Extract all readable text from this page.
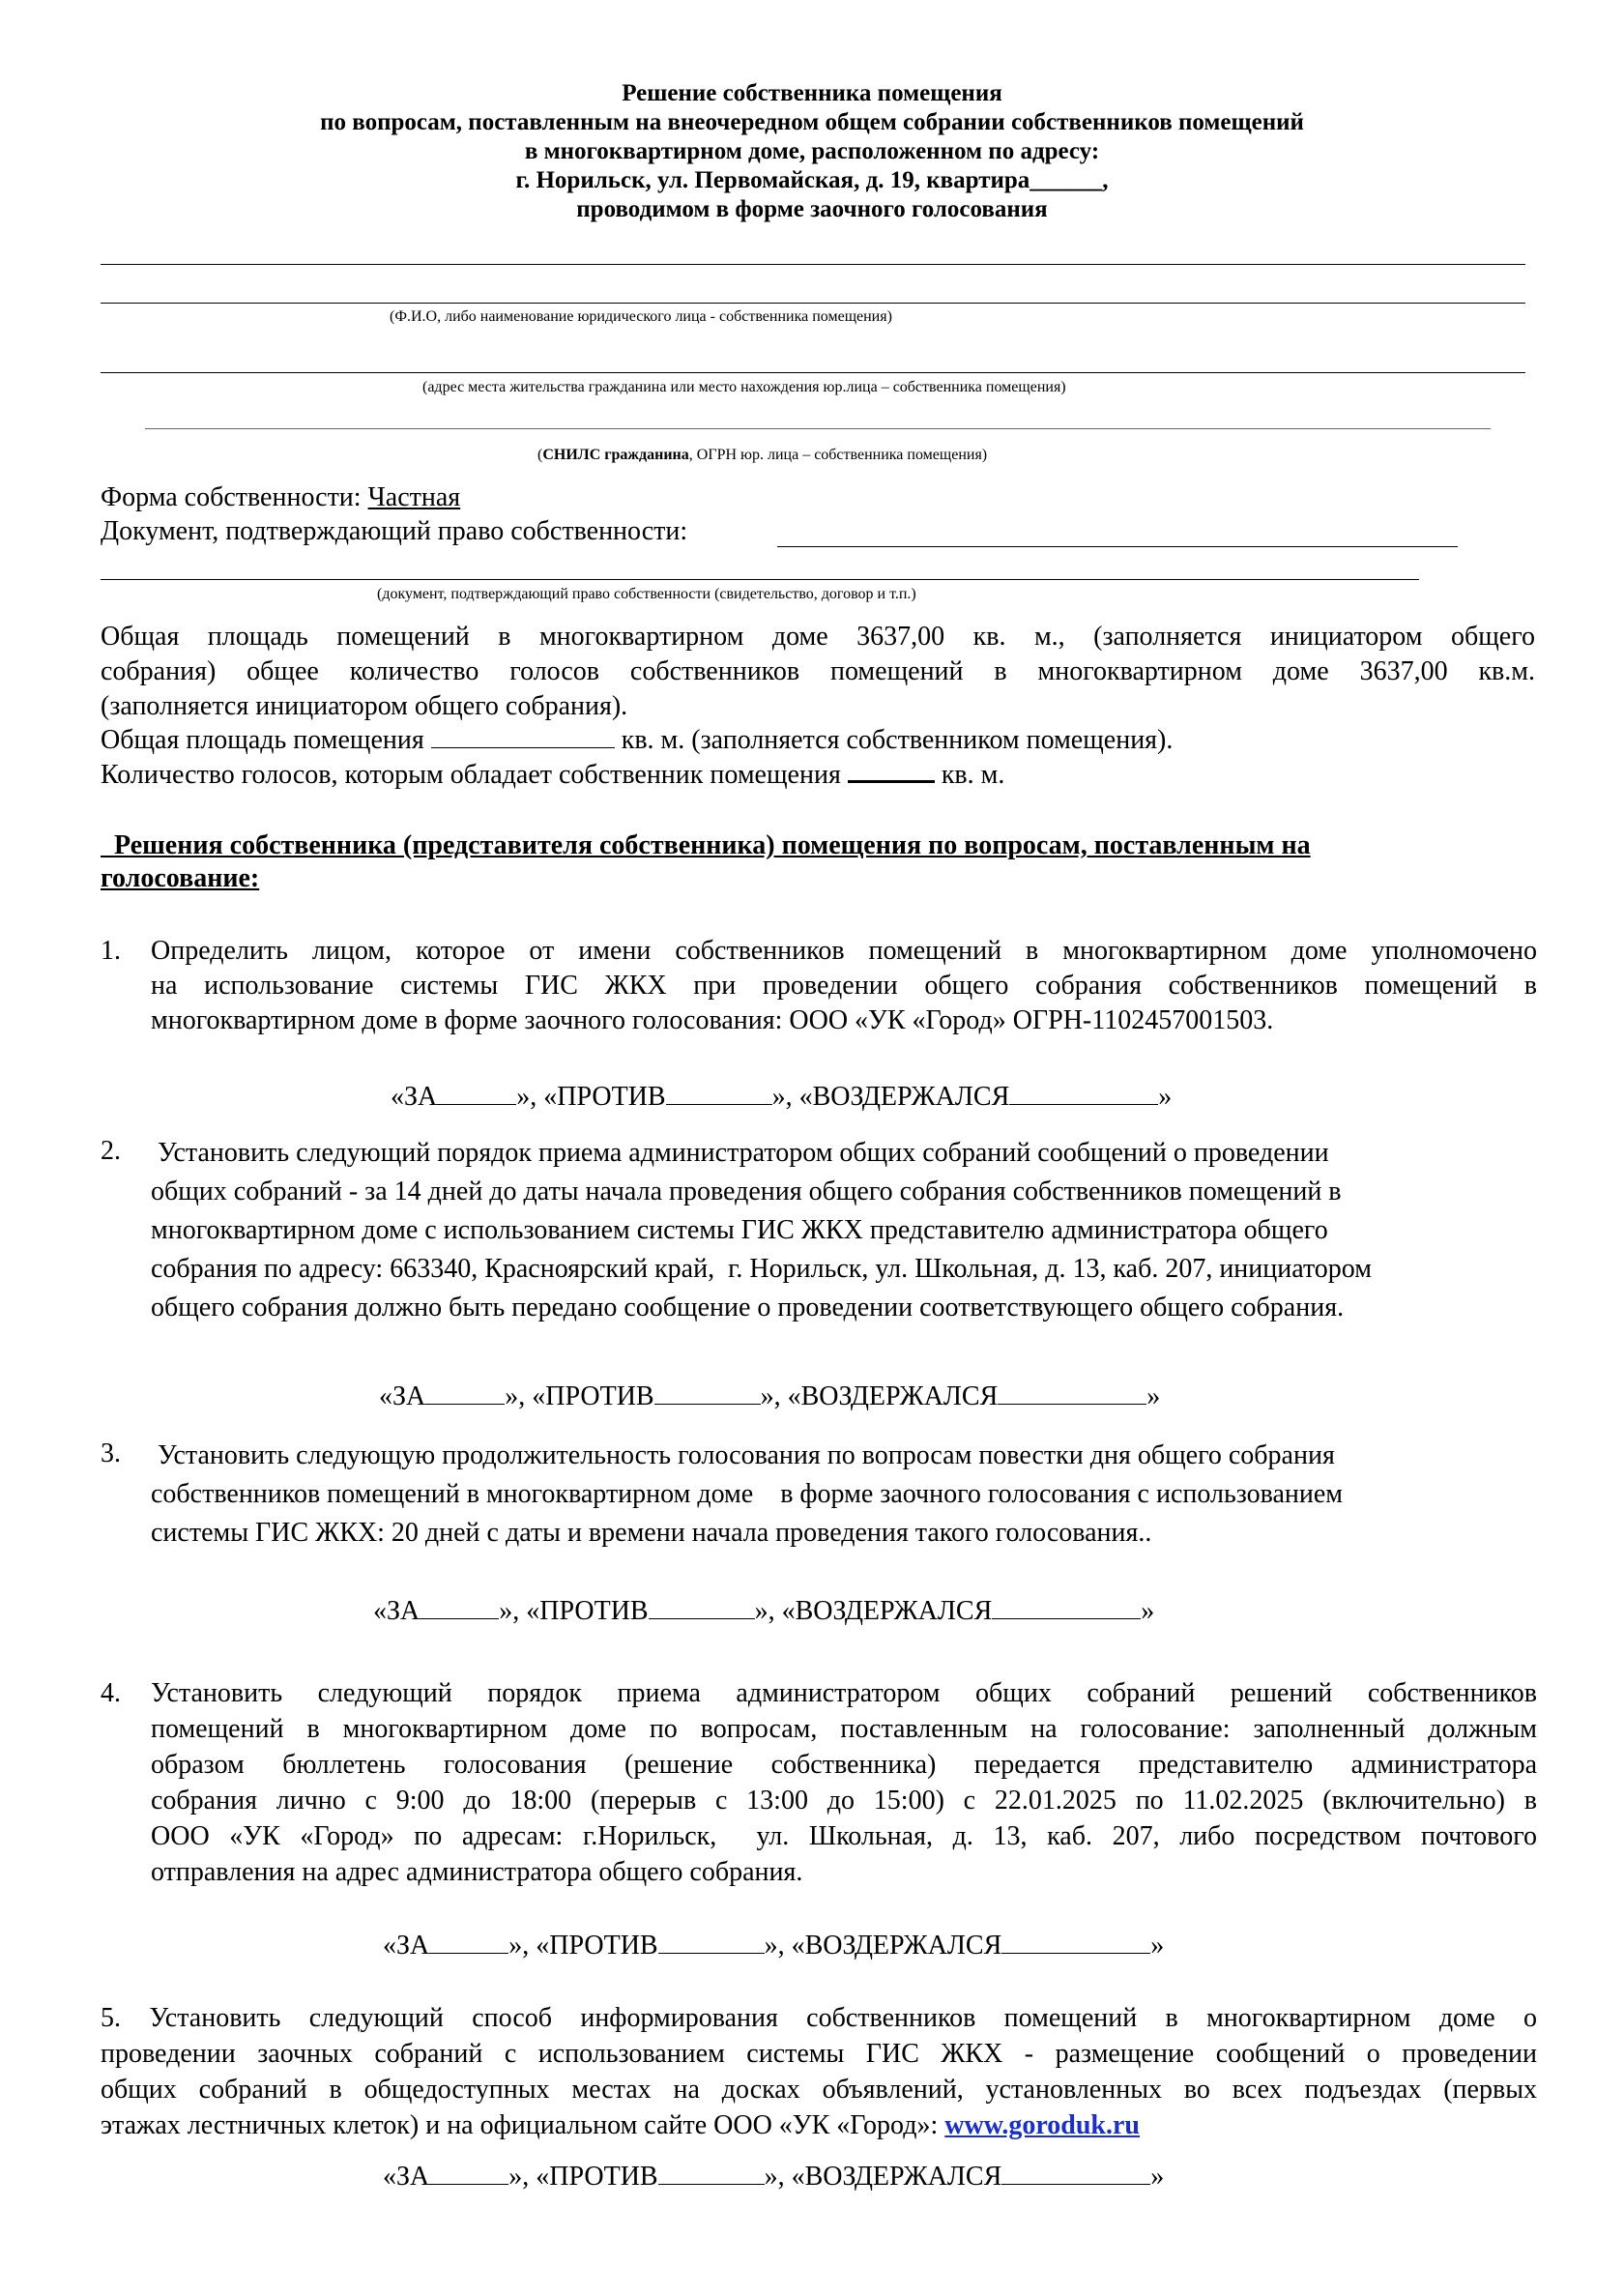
Решение собственника помещения
по вопросам, поставленным на внеочередном общем собрании собственников помещений
в многоквартирном доме, расположенном по адресу:
г. Норильск, ул. Первомайская, д. 19, квартира______,
проводимом в форме заочного голосования
(Ф.И.О, либо наименование юридического лица - собственника помещения)
(адрес места жительства гражданина или место нахождения юр.лица – собственника помещения)
(СНИЛС гражданина, ОГРН юр. лица – собственника помещения)
Форма собственности: Частная
Документ, подтверждающий право собственности:
(документ, подтверждающий право собственности (свидетельство, договор и т.п.)
Общая площадь помещений в многоквартирном доме 3637,00 кв. м., (заполняется инициатором общего
собрания) общее количество голосов собственников помещений в многоквартирном доме 3637,00 кв.м.
(заполняется инициатором общего собрания).
Общая площадь помещения	кв. м. (заполняется собственником помещения).
Количество голосов, которым обладает собственник помещения	кв. м.
Решения собственника (представителя собственника) помещения по вопросам, поставленным на
голосование:
1. Определить лицом, которое от имени собственников помещений в многоквартирном доме уполномочено
на использование системы ГИС ЖКХ при проведении общего собрания собственников помещений в
многоквартирном доме в форме заочного голосования: ООО «УК «Город» ОГРН-1102457001503.
«ЗА	», «ПРОТИВ	», «ВОЗДЕРЖАЛСЯ	»
2. Установить следующий порядок приема администратором общих собраний сообщений о проведении
общих собраний - за 14 дней до даты начала проведения общего собрания собственников помещений в
многоквартирном доме с использованием системы ГИС ЖКХ представителю администратора общего
собрания по адресу: 663340, Красноярский край,  г. Норильск, ул. Школьная, д. 13, каб. 207, инициатором
общего собрания должно быть передано сообщение о проведении соответствующего общего собрания.
«ЗА	», «ПРОТИВ	», «ВОЗДЕРЖАЛСЯ	»
3. Установить следующую продолжительность голосования по вопросам повестки дня общего собрания
собственников помещений в многоквартирном доме    в форме заочного голосования с использованием
системы ГИС ЖКХ: 20 дней с даты и времени начала проведения такого голосования..
«ЗА	», «ПРОТИВ	», «ВОЗДЕРЖАЛСЯ	»
4. Установить следующий порядок приема администратором общих собраний решений собственников
помещений в многоквартирном доме по вопросам, поставленным на голосование: заполненный должным
образом бюллетень голосования (решение собственника) передается представителю администратора
собрания лично с 9:00 до 18:00 (перерыв с 13:00 до 15:00) с 22.01.2025 по 11.02.2025 (включительно) в
ООО «УК «Город» по адресам: г.Норильск,  ул. Школьная, д. 13, каб. 207, либо посредством почтового
отправления на адрес администратора общего собрания.
«ЗА	», «ПРОТИВ	», «ВОЗДЕРЖАЛСЯ	»
5. Установить следующий способ информирования собственников помещений в многоквартирном доме о
проведении заочных собраний с использованием системы ГИС ЖКХ - размещение сообщений о проведении
общих собраний в общедоступных местах на досках объявлений, установленных во всех подъездах (первых
этажах лестничных клеток) и на официальном сайте ООО «УК «Город»: www.goroduk.ru
«ЗА	», «ПРОТИВ	», «ВОЗДЕРЖАЛСЯ	»
